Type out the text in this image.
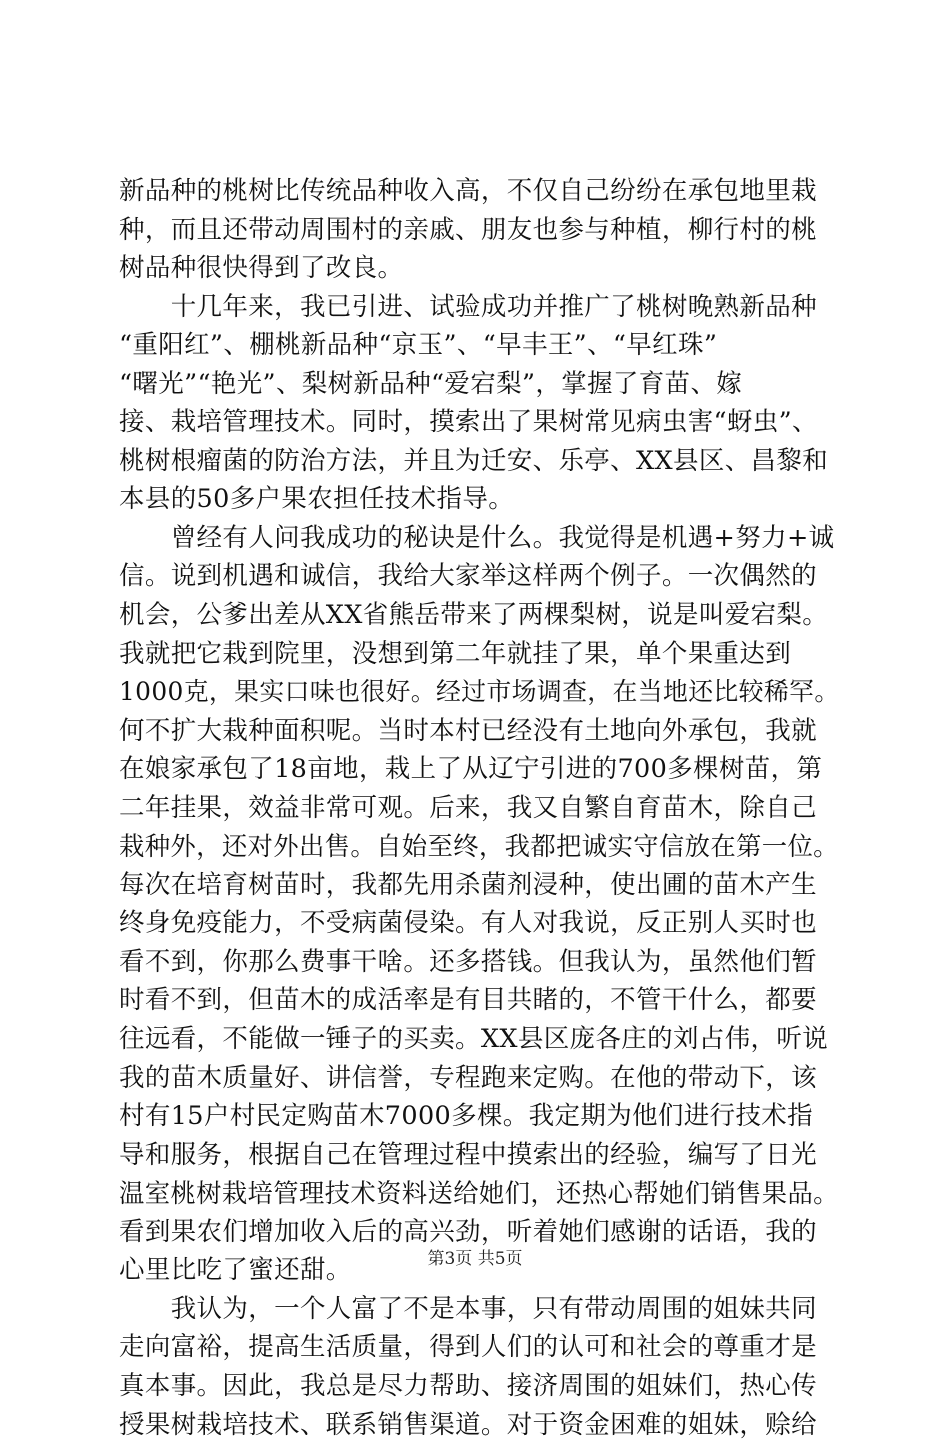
新品种的桃树比传统品种收入高，不仅自己纷纷在承包地里栽
种，而且还带动周围村的亲戚、朋友也参与种植，柳行村的桃
树品种很快得到了改良。
　　十几年来，我已引进、试验成功并推广了桃树晚熟新品种
“重阳红”、棚桃新品种“京玉”、“早丰王”、“早红珠”
“曙光”“艳光”、梨树新品种“爱宕梨”，掌握了育苗、嫁
接、栽培管理技术。同时，摸索出了果树常见病虫害“蚜虫”、
桃树根瘤菌的防治方法，并且为迁安、乐亭、XX县区、昌黎和
本县的50多户果农担任技术指导。
　　曾经有人问我成功的秘诀是什么。我觉得是机遇+努力+诚
信。说到机遇和诚信，我给大家举这样两个例子。一次偶然的
机会，公爹出差从XX省熊岳带来了两棵梨树，说是叫爱宕梨。
我就把它栽到院里，没想到第二年就挂了果，单个果重达到
1000克，果实口味也很好。经过市场调查，在当地还比较稀罕。
何不扩大栽种面积呢。当时本村已经没有土地向外承包，我就
在娘家承包了18亩地，栽上了从辽宁引进的700多棵树苗，第
二年挂果，效益非常可观。后来，我又自繁自育苗木，除自己
栽种外，还对外出售。自始至终，我都把诚实守信放在第一位。
每次在培育树苗时，我都先用杀菌剂浸种，使出圃的苗木产生
终身免疫能力，不受病菌侵染。有人对我说，反正别人买时也
看不到，你那么费事干啥。还多搭钱。但我认为，虽然他们暂
时看不到，但苗木的成活率是有目共睹的，不管干什么，都要
往远看，不能做一锤子的买卖。XX县区庞各庄的刘占伟，听说
我的苗木质量好、讲信誉，专程跑来定购。在他的带动下，该
村有15户村民定购苗木7000多棵。我定期为他们进行技术指
导和服务，根据自己在管理过程中摸索出的经验，编写了日光
温室桃树栽培管理技术资料送给她们，还热心帮她们销售果品。
看到果农们增加收入后的高兴劲，听着她们感谢的话语，我的
心里比吃了蜜还甜。
　　我认为，一个人富了不是本事，只有带动周围的姐妹共同
走向富裕，提高生活质量，得到人们的认可和社会的尊重才是
真本事。因此，我总是尽力帮助、接济周围的姐妹们，热心传
授果树栽培技术、联系销售渠道。对于资金困难的姐妹，赊给
第3页 共5页
